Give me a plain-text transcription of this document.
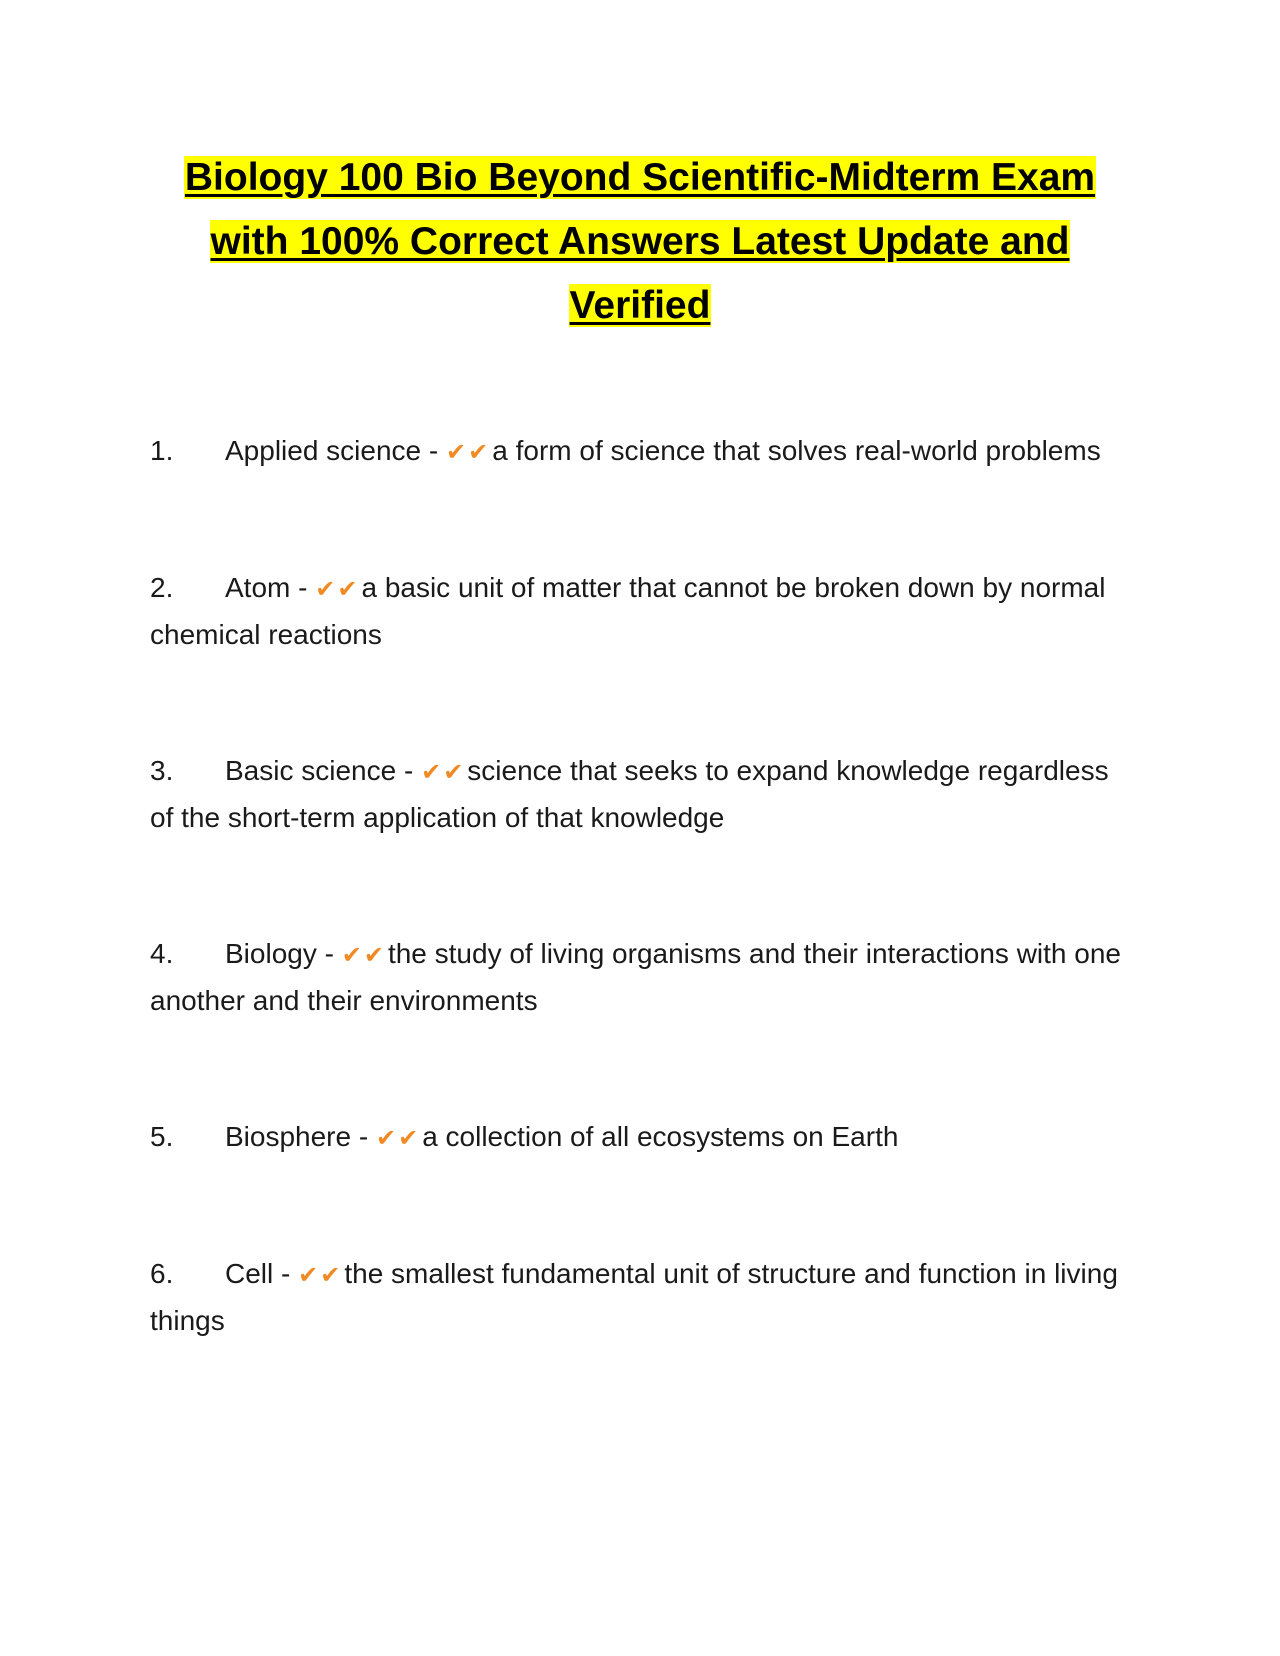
Biology 100 Bio Beyond Scientific-Midterm Exam with 100% Correct Answers Latest Update and Verified

1. Applied science - ✔✔a form of science that solves real-world problems

2. Atom - ✔✔a basic unit of matter that cannot be broken down by normal chemical reactions

3. Basic science - ✔✔science that seeks to expand knowledge regardless of the short-term application of that knowledge

4. Biology - ✔✔the study of living organisms and their interactions with one another and their environments

5. Biosphere - ✔✔a collection of all ecosystems on Earth

6. Cell - ✔✔the smallest fundamental unit of structure and function in living things
